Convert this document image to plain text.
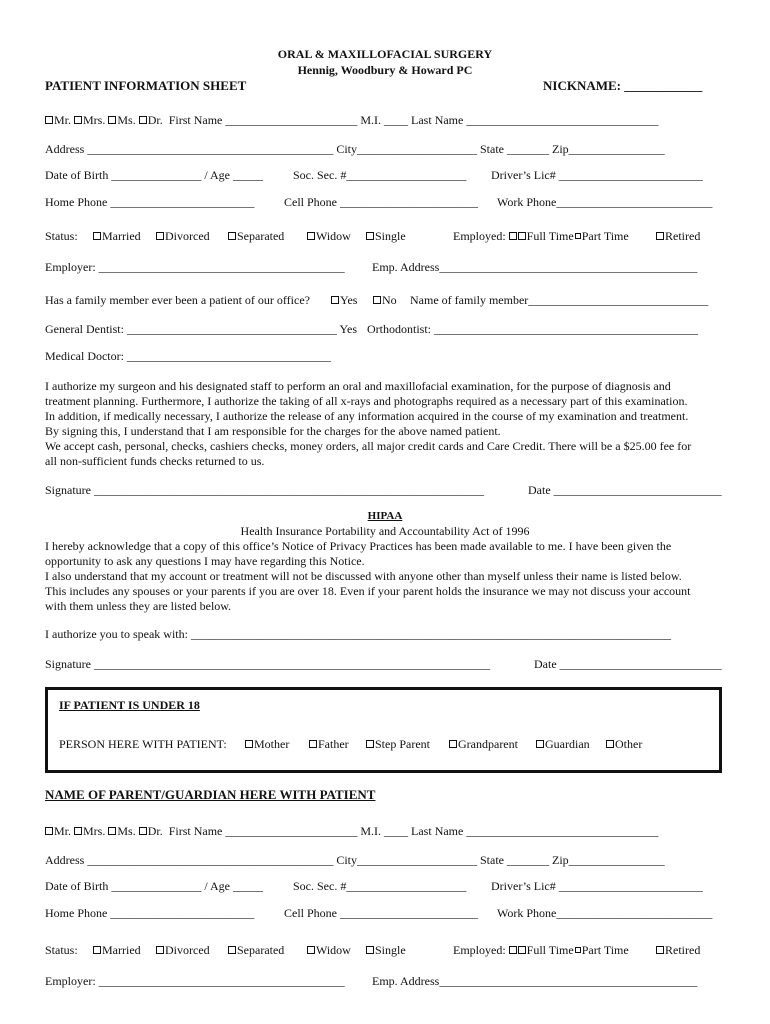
ORAL & MAXILLOFACIAL SURGERY
Hennig, Woodbury & Howard PC
PATIENT INFORMATION SHEET	NICKNAME: ____________
Mr. Mrs. Ms. Dr. First Name ______________________ M.I. ____ Last Name ________________________________
Address _________________________________________ City____________________ State _______ Zip________________
Date of Birth _______________ / Age _____	Soc. Sec. #____________________ Driver’s Lic# ________________________
Home Phone ________________________ Cell Phone _______________________ Work Phone__________________________
Status:	Married	Divorced	Separated	Widow	Single	Employed: Full Time Part Time	Retired
Employer: _________________________________________ Emp. Address___________________________________________
Has a family member ever been a patient of our office?	Yes	No Name of family member______________________________
General Dentist: ___________________________________ Yes Orthodontist: ____________________________________________
Medical Doctor: __________________________________

I authorize my surgeon and his designated staff to perform an oral and maxillofacial examination, for the purpose of diagnosis and

treatment planning. Furthermore, I authorize the taking of all x-rays and photographs required as a necessary part of this examination.

In addition, if medically necessary, I authorize the release of any information acquired in the course of my examination and treatment.

By signing this, I understand that I am responsible for the charges for the above named patient.

We accept cash, personal, checks, cashiers checks, money orders, all major credit cards and Care Credit. There will be a $25.00 fee for

all non-sufficient funds checks returned to us.

Signature _________________________________________________________________	Date ____________________________
HIPAA
Health Insurance Portability and Accountability Act of 1996

I hereby acknowledge that a copy of this office’s Notice of Privacy Practices has been made available to me. I have been given the

opportunity to ask any questions I may have regarding this Notice.

I also understand that my account or treatment will not be discussed with anyone other than myself unless their name is listed below.

This includes any spouses or your parents if you are over 18. Even if your parent holds the insurance we may not discuss your account

with them unless they are listed below.

I authorize you to speak with: ________________________________________________________________________________
Signature __________________________________________________________________	Date ___________________________
IF PATIENT IS UNDER 18
PERSON HERE WITH PATIENT:	Mother	Father	Step Parent	Grandparent	Guardian	Other
NAME OF PARENT/GUARDIAN HERE WITH PATIENT
Mr. Mrs. Ms. Dr. First Name ______________________ M.I. ____ Last Name ________________________________
Address _________________________________________ City____________________ State _______ Zip________________
Date of Birth _______________ / Age _____	Soc. Sec. #____________________ Driver’s Lic# ________________________
Home Phone ________________________ Cell Phone _______________________ Work Phone__________________________
Status:	Married	Divorced	Separated	Widow	Single	Employed: Full Time Part Time	Retired
Employer: _________________________________________ Emp. Address___________________________________________
